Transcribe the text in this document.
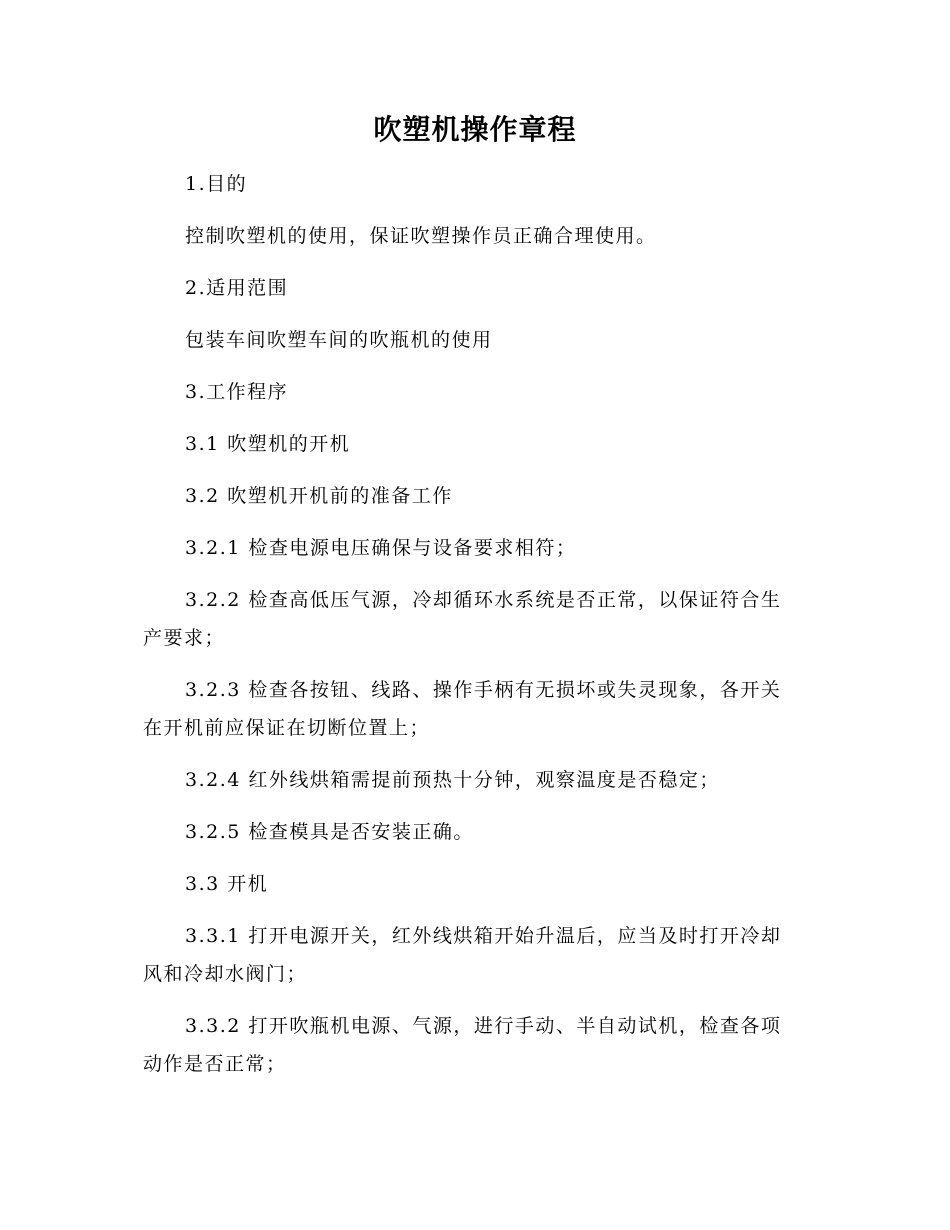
吹塑机操作章程

1.目的

控制吹塑机的使用，保证吹塑操作员正确合理使用。

2.适用范围

包装车间吹塑车间的吹瓶机的使用

3.工作程序

3.1 吹塑机的开机

3.2 吹塑机开机前的准备工作

3.2.1 检查电源电压确保与设备要求相符；

3.2.2 检查高低压气源，冷却循环水系统是否正常，以保证符合生产要求；

3.2.3 检查各按钮、线路、操作手柄有无损坏或失灵现象，各开关在开机前应保证在切断位置上；

3.2.4 红外线烘箱需提前预热十分钟，观察温度是否稳定；

3.2.5 检查模具是否安装正确。

3.3 开机

3.3.1 打开电源开关，红外线烘箱开始升温后，应当及时打开冷却风和冷却水阀门；

3.3.2 打开吹瓶机电源、气源，进行手动、半自动试机，检查各项动作是否正常；
